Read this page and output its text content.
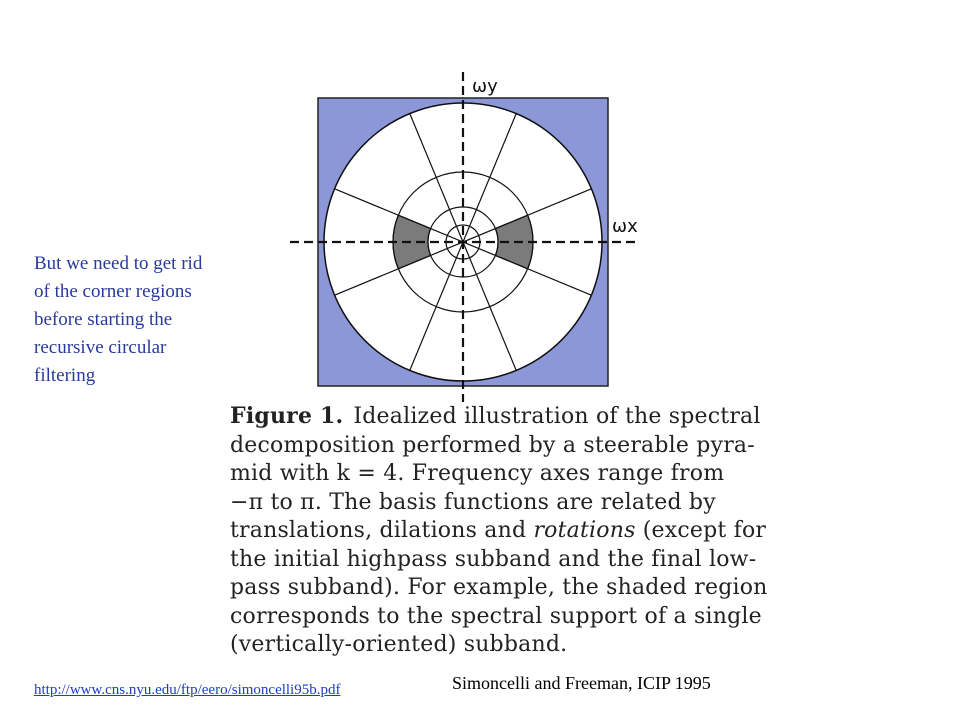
ωy
ωx
But we need to get rid
of the corner regions
before starting the
recursive circular
filtering
Figure 1. Idealized illustration of the spectral
decomposition performed by a steerable pyra-
mid with k = 4. Frequency axes range from
−π to π. The basis functions are related by
translations, dilations and rotations (except for
the initial highpass subband and the final low-
pass subband). For example, the shaded region
corresponds to the spectral support of a single
(vertically-oriented) subband.
Simoncelli and Freeman, ICIP 1995
http://www.cns.nyu.edu/ftp/eero/simoncelli95b.pdf
